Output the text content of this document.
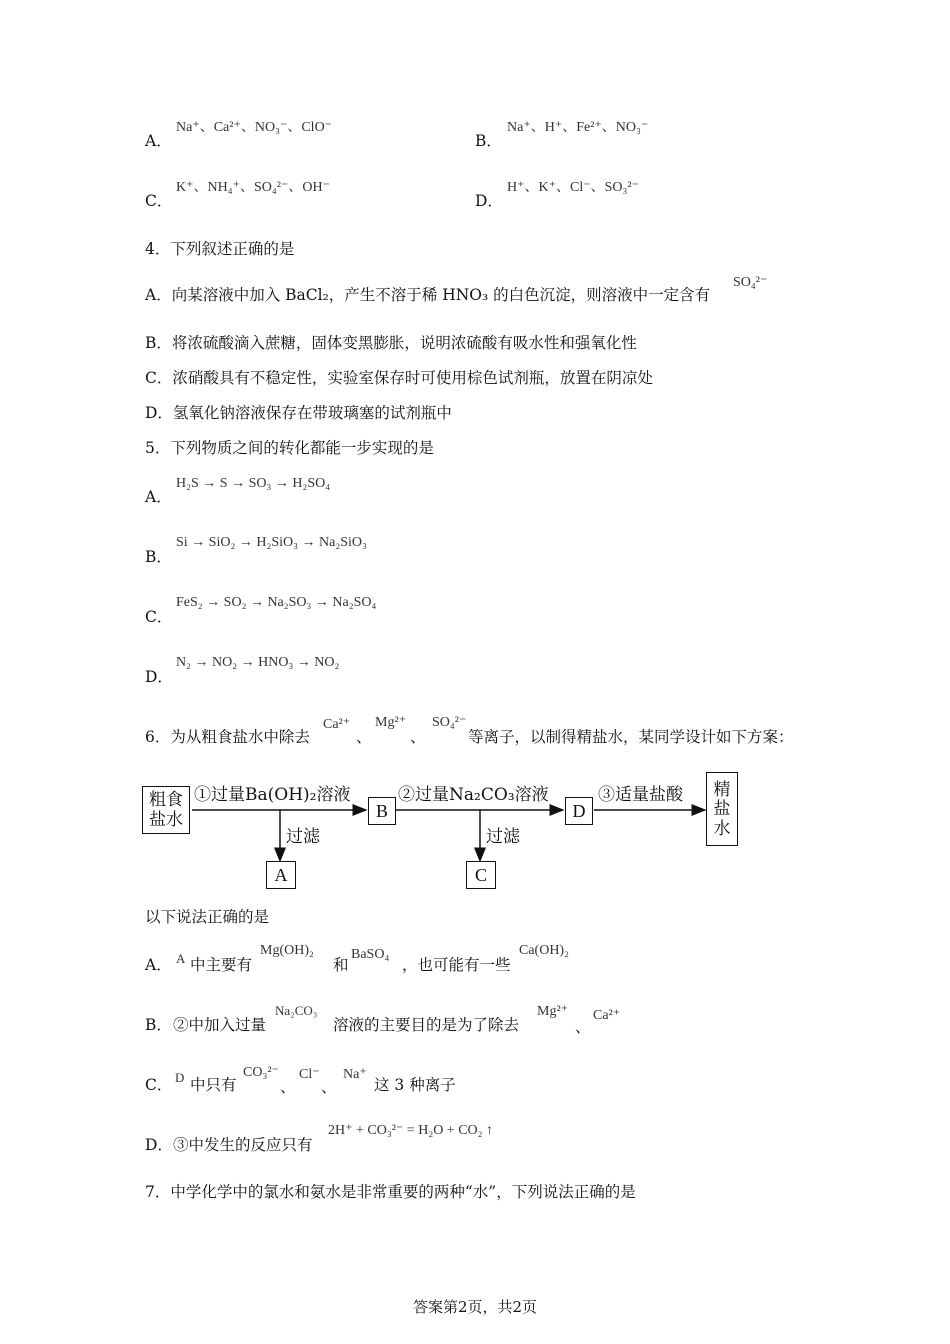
A．
Na⁺、Ca²⁺、NO₃⁻、ClO⁻
B．
Na⁺、H⁺、Fe²⁺、NO₃⁻
C．
K⁺、NH₄⁺、SO₄²⁻、OH⁻
D．
H⁺、K⁺、Cl⁻、SO₃²⁻
4．下列叙述正确的是
A．向某溶液中加入 BaCl₂，产生不溶于稀 HNO₃ 的白色沉淀，则溶液中一定含有
SO₄²⁻
B．将浓硫酸滴入蔗糖，固体变黑膨胀，说明浓硫酸有吸水性和强氧化性
C．浓硝酸具有不稳定性，实验室保存时可使用棕色试剂瓶，放置在阴凉处
D．氢氧化钠溶液保存在带玻璃塞的试剂瓶中
5．下列物质之间的转化都能一步实现的是
A．
H₂S → S → SO₃ → H₂SO₄
B．
Si → SiO₂ → H₂SiO₃ → Na₂SiO₃
C．
FeS₂ → SO₂ → Na₂SO₃ → Na₂SO₄
D．
N₂ → NO₂ → HNO₃ → NO₂
6．为从粗食盐水中除去
Ca²⁺
、
Mg²⁺
、
SO₄²⁻
等离子，以制得精盐水，某同学设计如下方案：
粗食盐水
①过量Ba(OH)₂溶液
B
②过量Na₂CO₃溶液
D
③适量盐酸	精盐水
过滤
A
过滤
C
以下说法正确的是
A． A 中主要有
Mg(OH)₂
和
BaSO₄
，也可能有一些
Ca(OH)₂
B． ②中加入过量
Na₂CO₃
溶液的主要目的是为了除去
Mg²⁺
、
Ca²⁺
C． D 中只有
CO₃²⁻
、
Cl⁻
、
Na⁺
这 3 种离子
D． ③中发生的反应只有
2H⁺ + CO₃²⁻ = H₂O + CO₂ ↑
7．中学化学中的氯水和氨水是非常重要的两种“水”，下列说法正确的是
答案第2页，共2页
